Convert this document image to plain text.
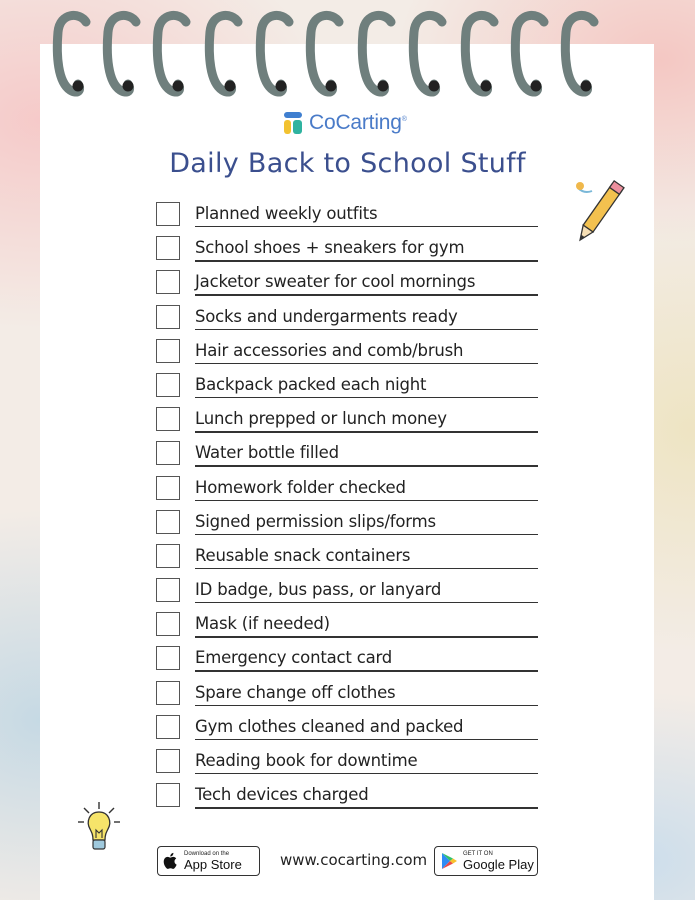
CoCarting®
Daily Back to School Stuff
Planned weekly outfits
School shoes + sneakers for gym
Jacketor sweater for cool mornings
Socks and undergarments ready
Hair accessories and comb/brush
Backpack packed each night
Lunch prepped or lunch money
Water bottle filled
Homework folder checked
Signed permission slips/forms
Reusable snack containers
ID badge, bus pass, or lanyard
Mask (if needed)
Emergency contact card
Spare change off clothes
Gym clothes cleaned and packed
Reading book for downtime
Tech devices charged
Download on the
App Store	www.cocarting.com	GET IT ON
Google Play
